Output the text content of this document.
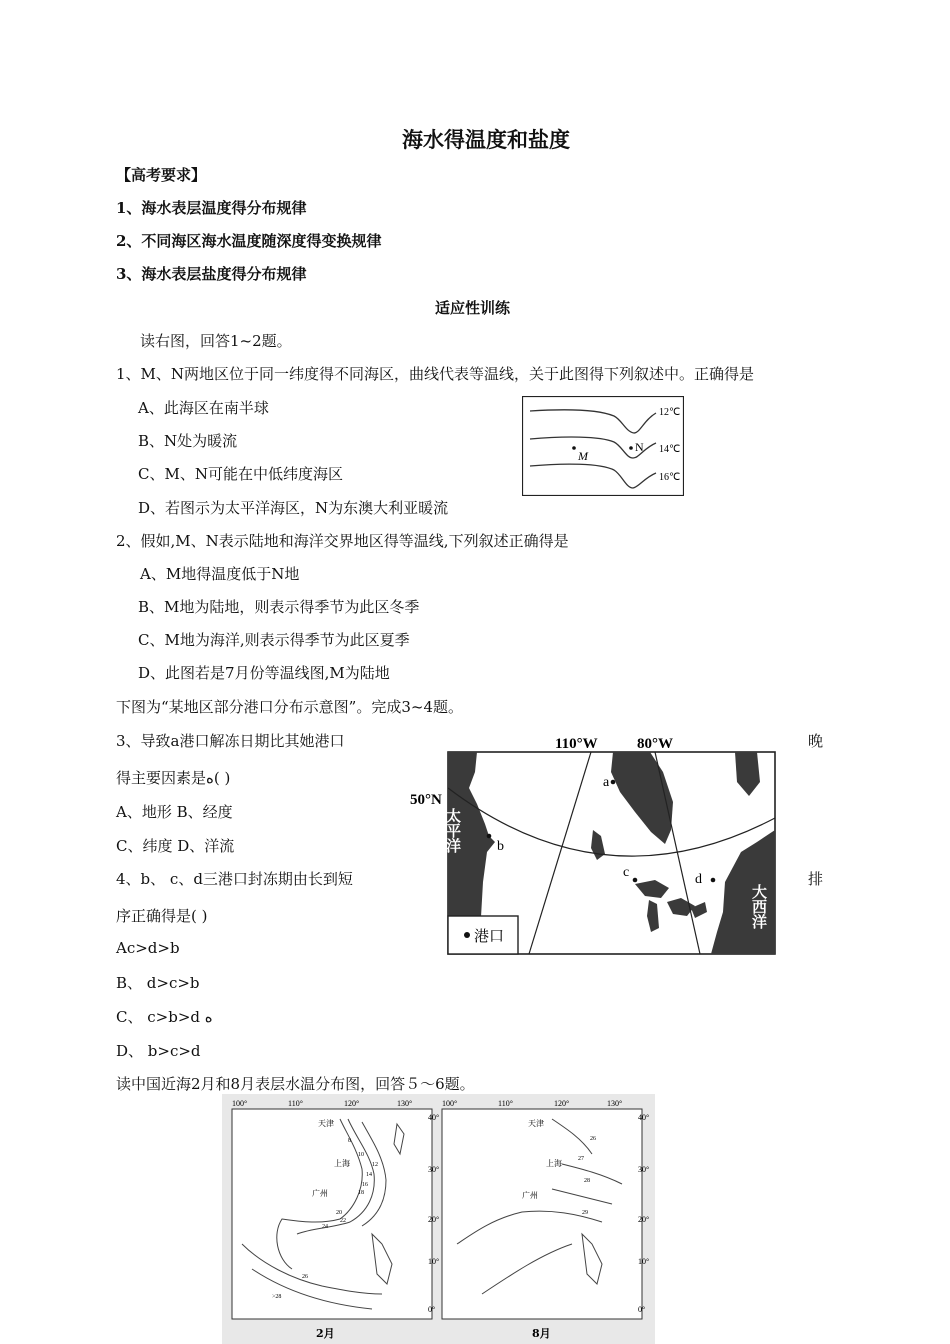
海水得温度和盐度
【高考要求】
1、海水表层温度得分布规律
2、不同海区海水温度随深度得变换规律
3、海水表层盐度得分布规律
适应性训练
读右图，回答1~2题。
1、M、N两地区位于同一纬度得不同海区，曲线代表等温线，关于此图得下列叙述中。正确得是
A、此海区在南半球
B、N处为暖流
C、M、N可能在中低纬度海区
D、若图示为太平洋海区，N为东澳大利亚暖流
12℃
14℃
16℃
M
N
2、假如,M、N表示陆地和海洋交界地区得等温线,下列叙述正确得是
A、M地得温度低于N地
B、M地为陆地，则表示得季节为此区冬季
C、M地为海洋,则表示得季节为此区夏季
D、此图若是7月份等温线图,M为陆地
下图为“某地区部分港口分布示意图”。完成3~4题。
3、导致a港口解冻日期比其她港口	晚
得主要因素是ﻩ( )
A、地形 B、经度
C、纬度 D、洋流
4、b、 c、d三港口封冻期由长到短	排
序正确得是( )
Ac>d>b
B、 d>c>b
C、 c>b>d ﻩ
D、 b>c>d
110°W	80°W
50°N
a
b
c	d
太平洋
大西洋
港口
读中国近海2月和8月表层水温分布图，回答５～6题。
100°	110°	120°	130°
40°
30°
20°
10°
0°
天津
上海
广州
8
10
12
14
16
18
20
22
24
26
>28
2月
100°	110°	120°	130°
40°
30°
20°
10°
0°
天津
上海
广州
26
27
28
29
8月
